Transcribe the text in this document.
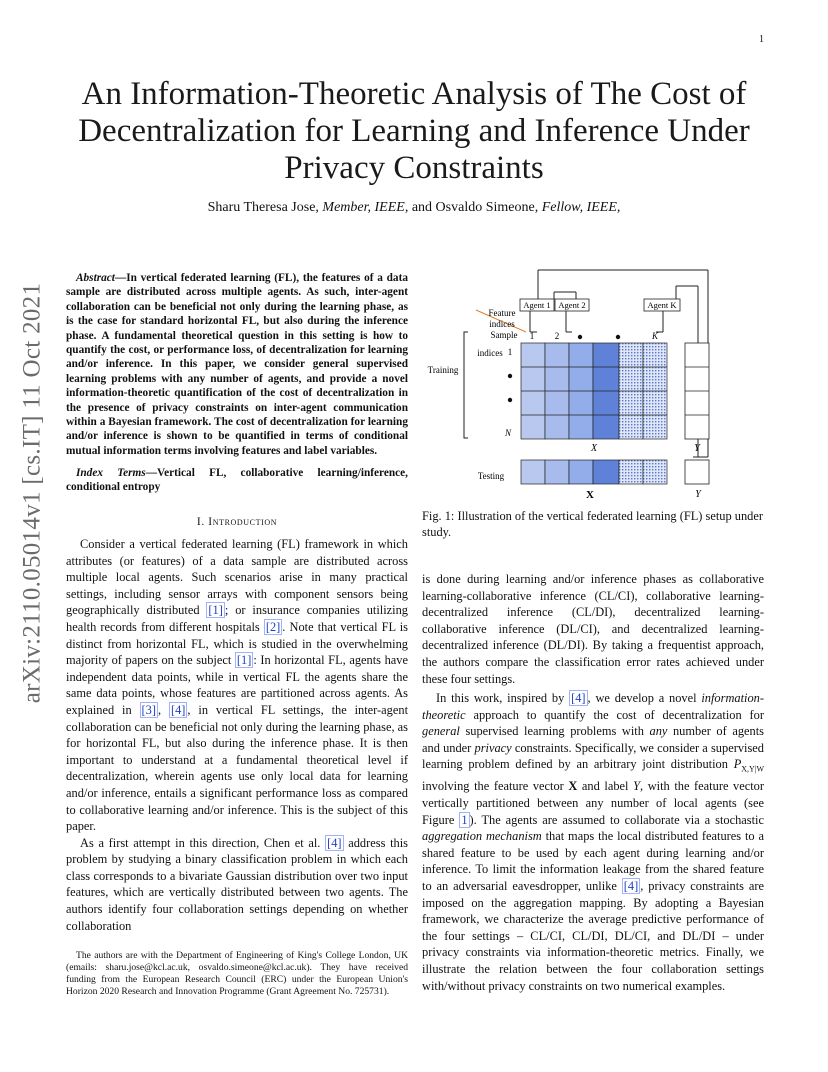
1
arXiv:2110.05014v1 [cs.IT] 11 Oct 2021
An Information-Theoretic Analysis of The Cost of Decentralization for Learning and Inference Under Privacy Constraints
Sharu Theresa Jose, Member, IEEE, and Osvaldo Simeone, Fellow, IEEE,
Abstract—In vertical federated learning (FL), the features of a data sample are distributed across multiple agents. As such, inter-agent collaboration can be beneficial not only during the learning phase, as is the case for standard horizontal FL, but also during the inference phase. A fundamental theoretical question in this setting is how to quantify the cost, or performance loss, of decentralization for learning and/or inference. In this paper, we consider general supervised learning problems with any number of agents, and provide a novel information-theoretic quantification of the cost of decentralization in the presence of privacy constraints on inter-agent communication within a Bayesian framework. The cost of decentralization for learning and/or inference is shown to be quantified in terms of conditional mutual information terms involving features and label variables.
Index Terms—Vertical FL, collaborative learning/inference, conditional entropy
I. Introduction

Consider a vertical federated learning (FL) framework in which attributes (or features) of a data sample are distributed across multiple local agents. Such scenarios arise in many practical settings, including sensor arrays with component sensors being geographically distributed [1] ; or insurance companies utilizing health records from different hospitals [2] . Note that vertical FL is distinct from horizontal FL, which is studied in the overwhelming majority of papers on the subject [1] : In horizontal FL, agents have independent data points, while in vertical FL the agents share the same data points, whose features are partitioned across agents. As explained in [3] , [4] , in vertical FL settings, the inter-agent collaboration can be beneficial not only during the learning phase, as for horizontal FL, but also during the inference phase. It is then important to understand at a fundamental theoretical level if decentralization, wherein agents use only local data for learning and/or inference, entails a significant performance loss as compared to collaborative learning and/or inference. This is the subject of this paper.

As a first attempt in this direction, Chen et al. [4] address this problem by studying a binary classification problem in which each class corresponds to a bivariate Gaussian distribution over two input features, which are vertically distributed between two agents. The authors identify four collaboration settings depending on whether collaboration

The authors are with the Department of Engineering of King's College London, UK (emails: sharu.jose@kcl.ac.uk, osvaldo.simeone@kcl.ac.uk). They have received funding from the European Research Council (ERC) under the European Union's Horizon 2020 Research and Innovation Programme (Grant Agreement No. 725731).
Agent 1 Agent 2	Agent K
Feature
indices
Sample
indices
1 2	K
1
N
Training
X	Y
Testing
X	Y
Fig. 1: Illustration of the vertical federated learning (FL) setup under study.

is done during learning and/or inference phases as collaborative learning-collaborative inference (CL/CI), collaborative learning-decentralized inference (CL/DI), decentralized learning-collaborative inference (DL/CI), and decentralized learning-decentralized inference (DL/DI). By taking a frequentist approach, the authors compare the classification error rates achieved under these four settings.

In this work, inspired by [4] , we develop a novel information-theoretic approach to quantify the cost of decentralization for general supervised learning problems with any number of agents and under privacy constraints. Specifically, we consider a supervised learning problem defined by an arbitrary joint distribution $P_{X,Y|W}$ involving the feature vector X and label Y, with the feature vector vertically partitioned between any number of local agents (see Figure 1 ). The agents are assumed to collaborate via a stochastic aggregation mechanism that maps the local distributed features to a shared feature to be used by each agent during learning and/or inference. To limit the information leakage from the shared feature to an adversarial eavesdropper, unlike [4] , privacy constraints are imposed on the aggregation mapping. By adopting a Bayesian framework, we characterize the average predictive performance of the four settings – CL/CI, CL/DI, DL/CI, and DL/DI – under privacy constraints via information-theoretic metrics. Finally, we illustrate the relation between the four collaboration settings with/without privacy constraints on two numerical examples.
